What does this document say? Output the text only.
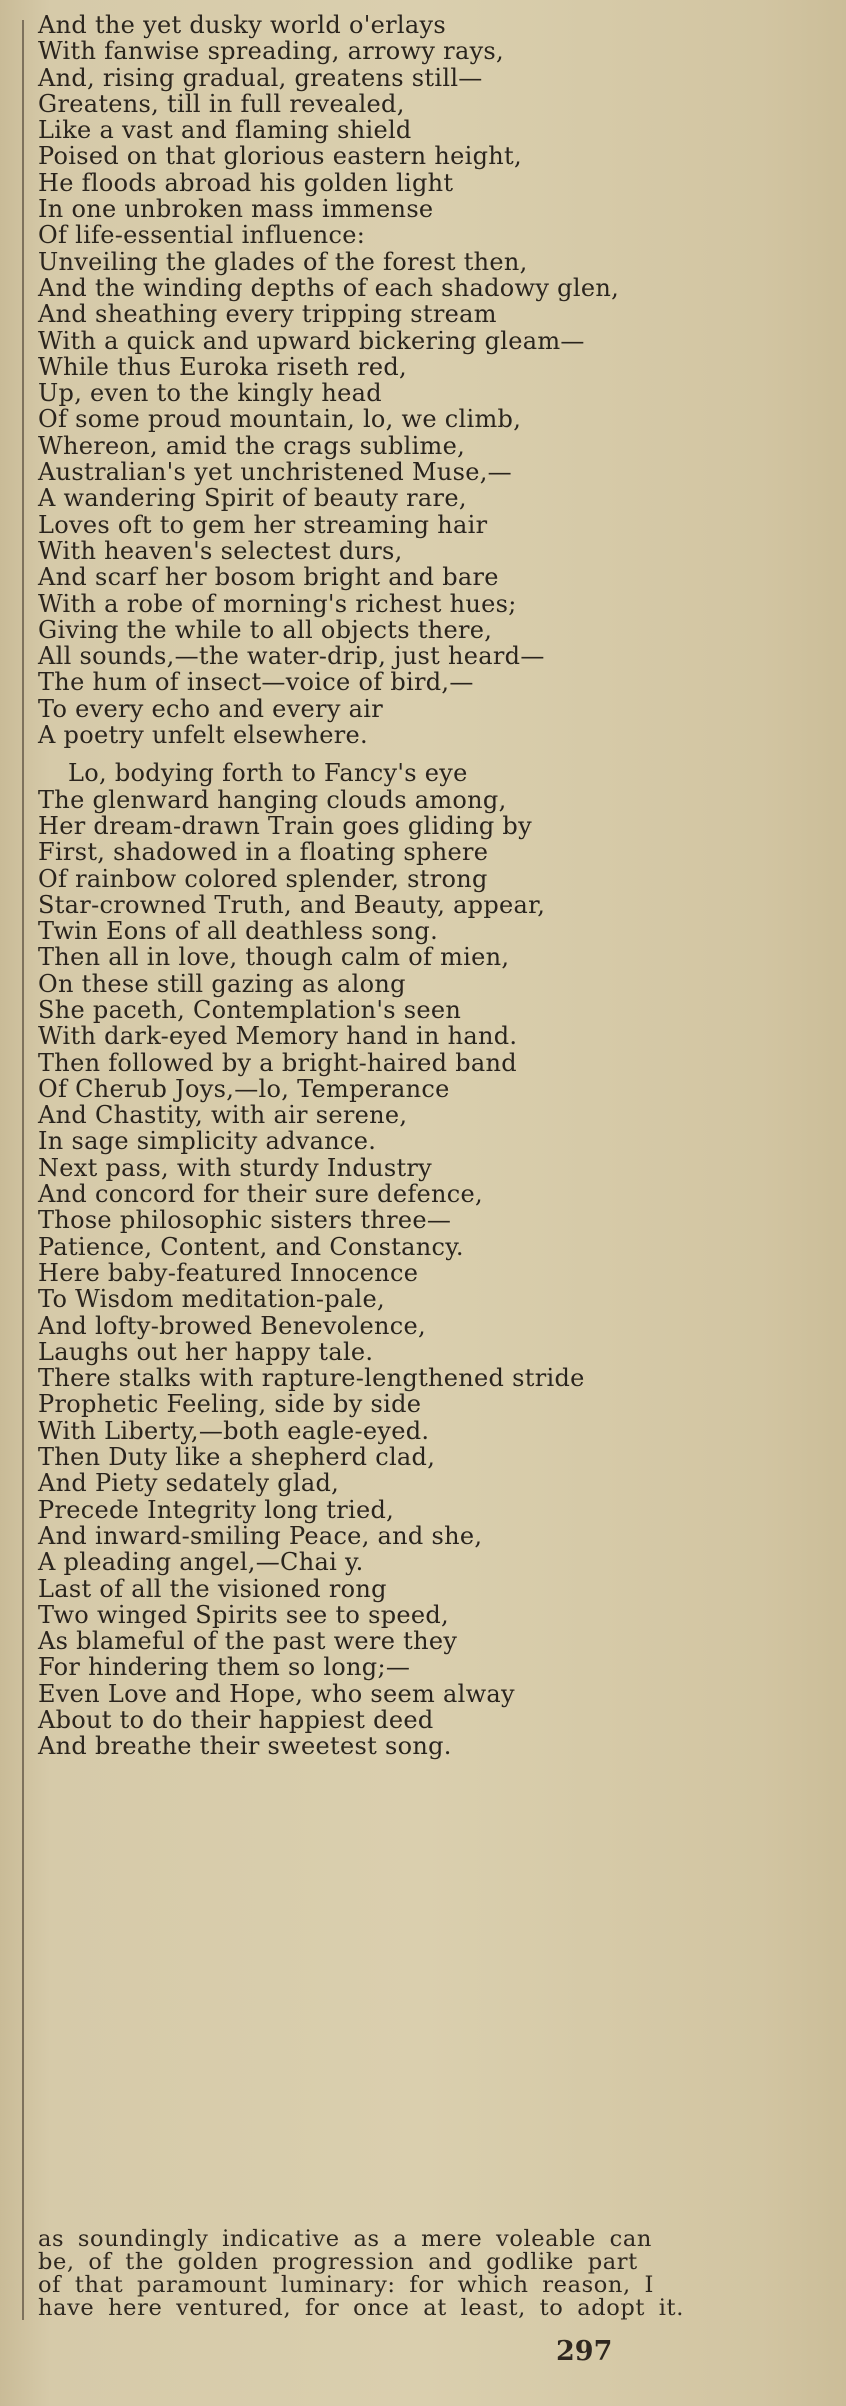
And the yet dusky world o'erlays
With fanwise spreading, arrowy rays,
And, rising gradual, greatens still—
Greatens, till in full revealed,
Like a vast and flaming shield
Poised on that glorious eastern height,
He floods abroad his golden light
In one unbroken mass immense
Of life-essential influence:
Unveiling the glades of the forest then,
And the winding depths of each shadowy glen,
And sheathing every tripping stream
With a quick and upward bickering gleam—
While thus Euroka riseth red,
Up, even to the kingly head
Of some proud mountain, lo, we climb,
Whereon, amid the crags sublime,
Australian's yet unchristened Muse,—
A wandering Spirit of beauty rare,
Loves oft to gem her streaming hair
With heaven's selectest durs,
And scarf her bosom bright and bare
With a robe of morning's richest hues;
Giving the while to all objects there,
All sounds,—the water-drip, just heard—
The hum of insect—voice of bird,—
To every echo and every air
A poetry unfelt elsewhere.
Lo, bodying forth to Fancy's eye
The glenward hanging clouds among,
Her dream-drawn Train goes gliding by
First, shadowed in a floating sphere
Of rainbow colored splender, strong
Star-crowned Truth, and Beauty, appear,
Twin Eons of all deathless song.
Then all in love, though calm of mien,
On these still gazing as along
She paceth, Contemplation's seen
With dark-eyed Memory hand in hand.
Then followed by a bright-haired band
Of Cherub Joys,—lo, Temperance
And Chastity, with air serene,
In sage simplicity advance.
Next pass, with sturdy Industry
And concord for their sure defence,
Those philosophic sisters three—
Patience, Content, and Constancy.
Here baby-featured Innocence
To Wisdom meditation-pale,
And lofty-browed Benevolence,
Laughs out her happy tale.
There stalks with rapture-lengthened stride
Prophetic Feeling, side by side
With Liberty,—both eagle-eyed.
Then Duty like a shepherd clad,
And Piety sedately glad,
Precede Integrity long tried,
And inward-smiling Peace, and she,
A pleading angel,—Chai y.
Last of all the visioned rong
Two winged Spirits see to speed,
As blameful of the past were they
For hindering them so long;—
Even Love and Hope, who seem alway
About to do their happiest deed
And breathe their sweetest song.
as soundingly indicative as a mere voleable can
be, of the golden progression and godlike part
of that paramount luminary: for which reason, I
have here ventured, for once at least, to adopt it.
297
